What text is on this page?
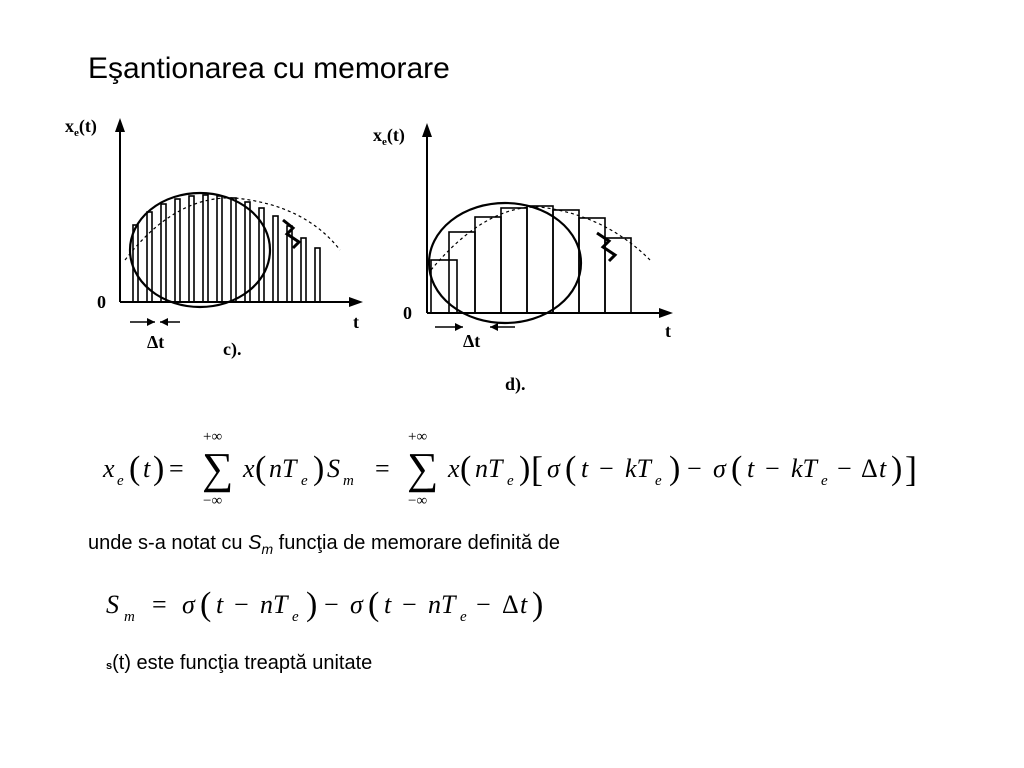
Eşantionarea cu memorare
$x_e(t)$
0
t
Δt	c).
$x_e(t)$
0
t
Δt
d).
x e ( t ) = ∑
+∞
−∞
x ( nT e ) S m = ∑
+∞
−∞
x ( nT e ) [ σ ( t − kT e ) − σ ( t − kT e − Δ t ) ]
unde s-a notat cu $S_m$ funcţia de memorare definită de
S m = σ ( t − nT e ) − σ ( t − nT e − Δ t )
s(t) este funcţia treaptă unitate
